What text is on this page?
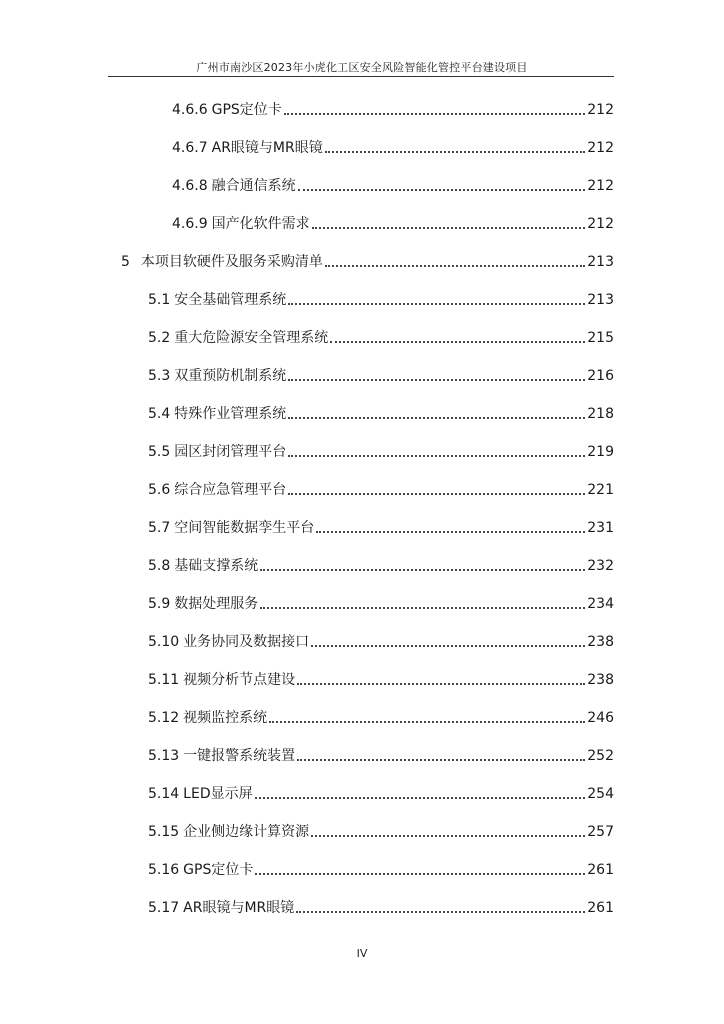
广州市南沙区2023年小虎化工区安全风险智能化管控平台建设项目
4.6.6 GPS定位卡	212
4.6.7 AR眼镜与MR眼镜	212
4.6.8 融合通信系统	212
4.6.9 国产化软件需求	212
5 本项目软硬件及服务采购清单	213
5.1 安全基础管理系统	213
5.2 重大危险源安全管理系统	215
5.3 双重预防机制系统	216
5.4 特殊作业管理系统	218
5.5 园区封闭管理平台	219
5.6 综合应急管理平台	221
5.7 空间智能数据孪生平台	231
5.8 基础支撑系统	232
5.9 数据处理服务	234
5.10 业务协同及数据接口	238
5.11 视频分析节点建设	238
5.12 视频监控系统	246
5.13 一键报警系统装置	252
5.14 LED显示屏	254
5.15 企业侧边缘计算资源	257
5.16 GPS定位卡	261
5.17 AR眼镜与MR眼镜	261
IV
